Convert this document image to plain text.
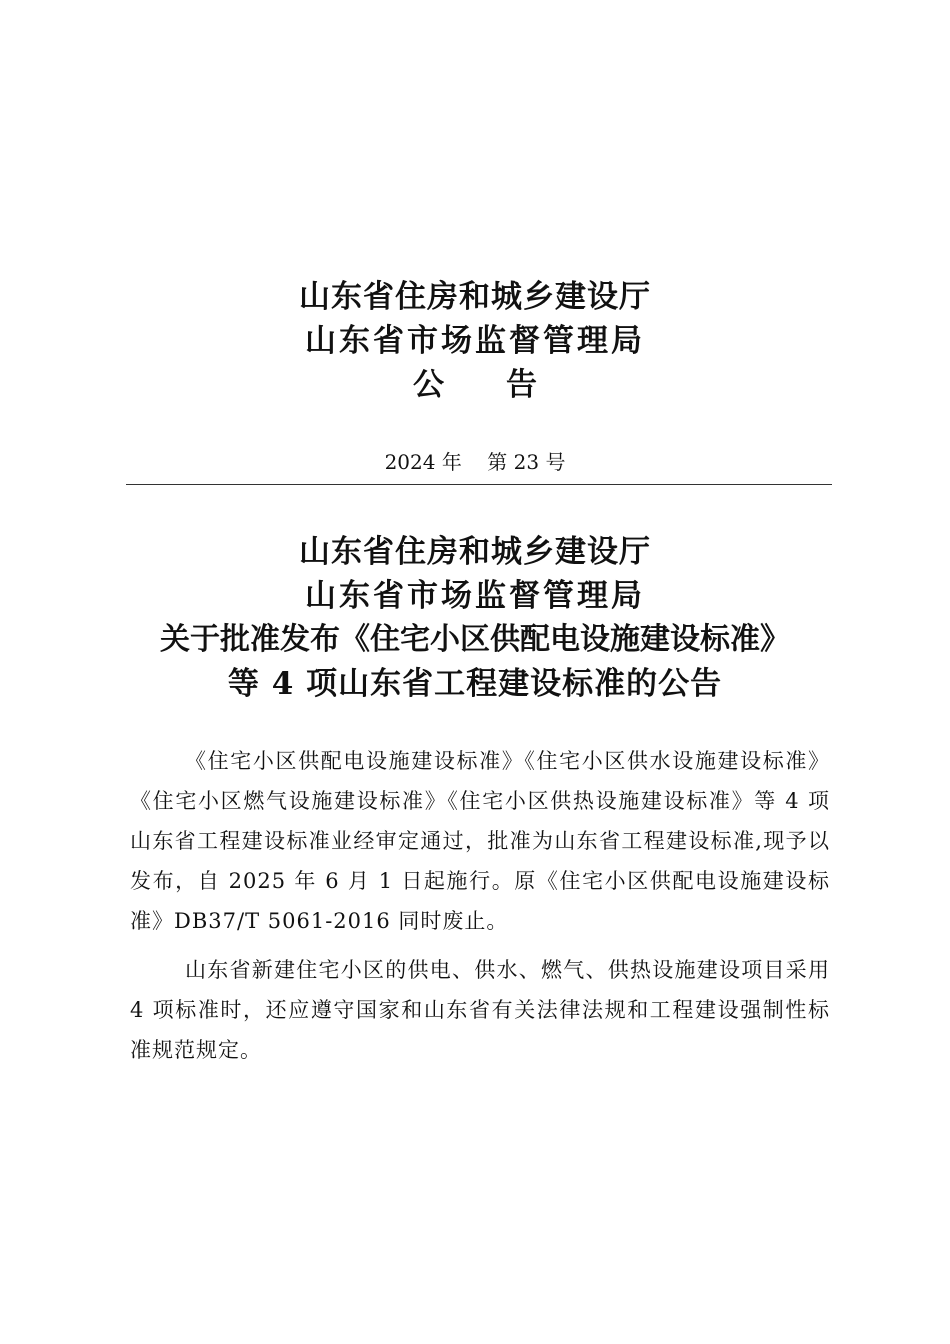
山东省住房和城乡建设厅
山东省市场监督管理局
公告
2024 年 第 23 号
山东省住房和城乡建设厅
山东省市场监督管理局
关于批准发布《住宅小区供配电设施建设标准》
等 4 项山东省工程建设标准的公告

《住宅小区供配电设施建设标准》《住宅小区供水设施建设标准》《住宅小区燃气设施建设标准》《住宅小区供热设施建设标准》等 4 项山东省工程建设标准业经审定通过，批准为山东省工程建设标准,现予以发布，自 2025 年 6 月 1 日起施行。原《住宅小区供配电设施建设标准》DB37/T 5061-2016 同时废止。

山东省新建住宅小区的供电、供水、燃气、供热设施建设项目采用 4 项标准时，还应遵守国家和山东省有关法律法规和工程建设强制性标准规范规定。
